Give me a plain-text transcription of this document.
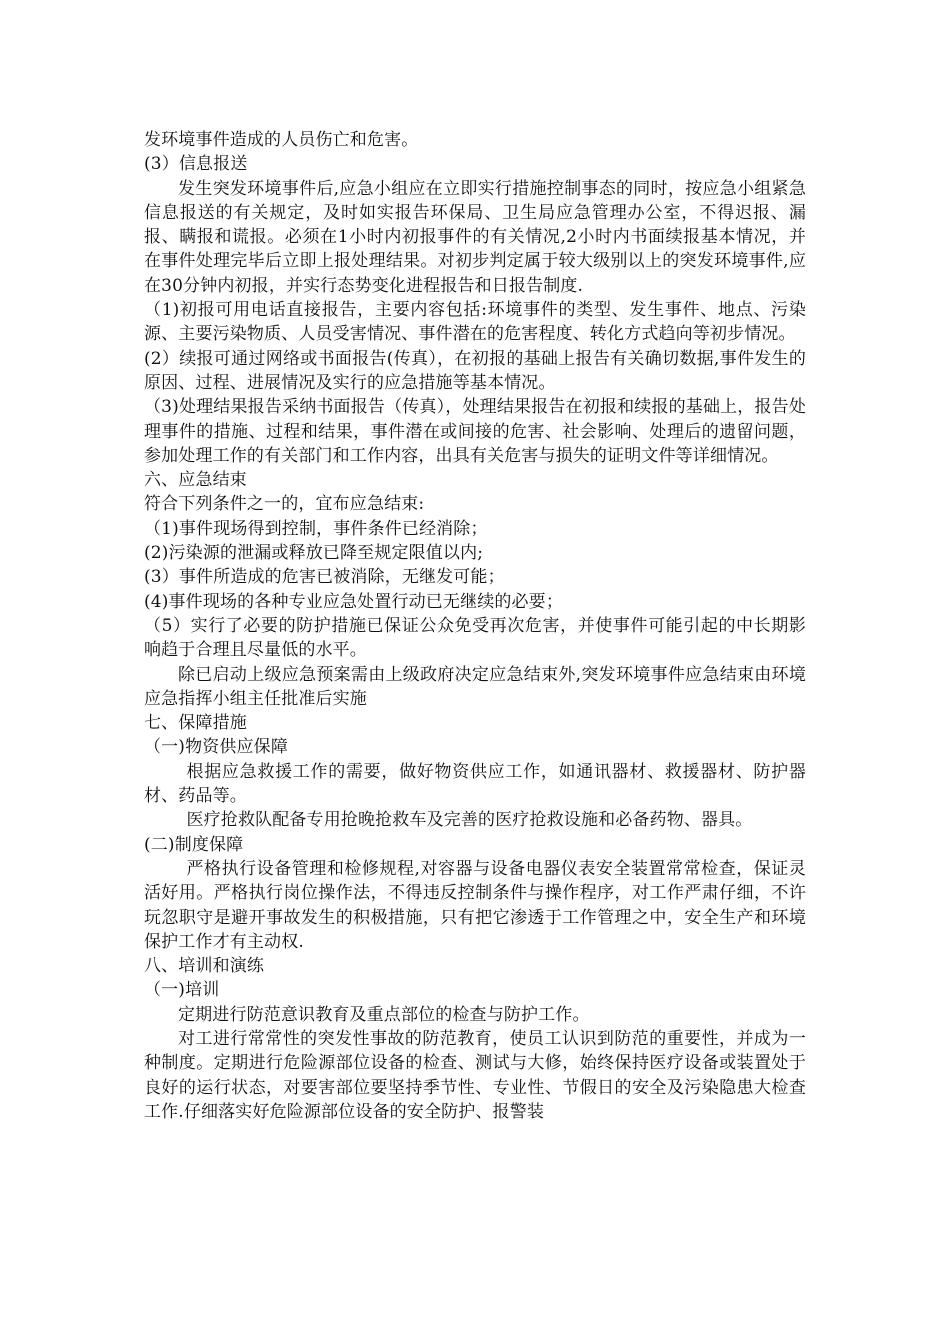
发环境事件造成的人员伤亡和危害。

(3）信息报送

发生突发环境事件后,应急小组应在立即实行措施控制事态的同时，按应急小组紧急信息报送的有关规定，及时如实报告环保局、卫生局应急管理办公室，不得迟报、漏报、瞒报和谎报。必须在1小时内初报事件的有关情况,2小时内书面续报基本情况，并在事件处理完毕后立即上报处理结果。对初步判定属于较大级别以上的突发环境事件,应在30分钟内初报，并实行态势变化进程报告和日报告制度.

（1)初报可用电话直接报告，主要内容包括:环境事件的类型、发生事件、地点、污染源、主要污染物质、人员受害情况、事件潜在的危害程度、转化方式趋向等初步情况。

(2）续报可通过网络或书面报告(传真），在初报的基础上报告有关确切数据,事件发生的原因、过程、进展情况及实行的应急措施等基本情况。

（3)处理结果报告采纳书面报告（传真），处理结果报告在初报和续报的基础上，报告处理事件的措施、过程和结果，事件潜在或间接的危害、社会影响、处理后的遗留问题，参加处理工作的有关部门和工作内容，出具有关危害与损失的证明文件等详细情况。

六、应急结束

符合下列条件之一的，宜布应急结束:

（1)事件现场得到控制，事件条件已经消除；

(2)污染源的泄漏或释放已降至规定限值以内;

(3）事件所造成的危害已被消除，无继发可能；

(4)事件现场的各种专业应急处置行动已无继续的必要；

（5）实行了必要的防护措施已保证公众免受再次危害，并使事件可能引起的中长期影响趋于合理且尽量低的水平。

除已启动上级应急预案需由上级政府决定应急结束外,突发环境事件应急结束由环境应急指挥小组主任批准后实施

七、保障措施

（一)物资供应保障

根据应急救援工作的需要，做好物资供应工作，如通讯器材、救援器材、防护器材、药品等。

医疗抢救队配备专用抢晚抢救车及完善的医疗抢救设施和必备药物、器具。

(二)制度保障

严格执行设备管理和检修规程,对容器与设备电器仪表安全装置常常检查，保证灵活好用。严格执行岗位操作法，不得违反控制条件与操作程序，对工作严肃仔细，不许玩忽职守是避开事故发生的积极措施，只有把它渗透于工作管理之中，安全生产和环境保护工作才有主动权.

八、培训和演练

（一)培训

定期进行防范意识教育及重点部位的检查与防护工作。

对工进行常常性的突发性事故的防范教育，使员工认识到防范的重要性，并成为一种制度。定期进行危险源部位设备的检查、测试与大修，始终保持医疗设备或装置处于良好的运行状态，对要害部位要坚持季节性、专业性、节假日的安全及污染隐患大检查工作.仔细落实好危险源部位设备的安全防护、报警装
